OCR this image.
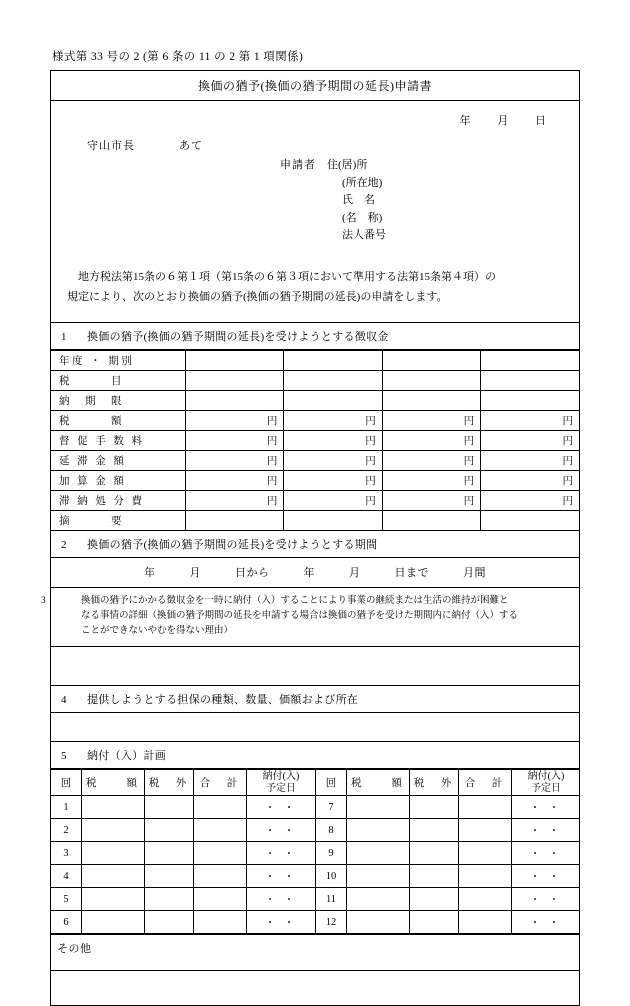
様式第 33 号の 2 (第 6 条の 11 の 2 第 1 項関係)
換価の猶予(換価の猶予期間の延長)申請書

年 月 日
守山市長	あて
申請者　 住(居)所
(所在地)
氏　名
(名　称)
法人番号
地方税法第15条の６第１項（第15条の６第３項において準用する法第15条第４項）の
規定により、次のとおり換価の猶予(換価の猶予期間の延長)の申請をします。

1 換価の猶予(換価の猶予期間の延長)を受けようとする徴収金

年度 ・ 期別				
税　　　目				
納　期　限				
税　　　額	円	円	円	円
督 促 手 数 料	円	円	円	円
延 滞 金 額	円	円	円	円
加 算 金 額	円	円	円	円
滞 納 処 分 費	円	円	円	円
摘　　　要				

2 換価の猶予(換価の猶予期間の延長)を受けようとする期間

年	月	日から	年	月	日まで	月間

3	換価の猶予にかかる徴収金を一時に納付（入）することにより事業の継続または生活の維持が困難と
なる事情の詳細（換価の猶予期間の延長を申請する場合は換価の猶予を受けた期間内に納付（入）する
ことができないやむを得ない理由）

4 提供しようとする担保の種類、数量、価額および所在

5 納付（入）計画

回	税　　額	税　外	合　計	
納付(入)
予定日	回	税　　額	税　外	合　計	
納付(入)
予定日

1				・ ・	7				・ ・
2				・ ・	8				・ ・
3				・ ・	9				・ ・
4				・ ・	10				・ ・
5				・ ・	11				・ ・
6				・ ・	12				・ ・

その他
